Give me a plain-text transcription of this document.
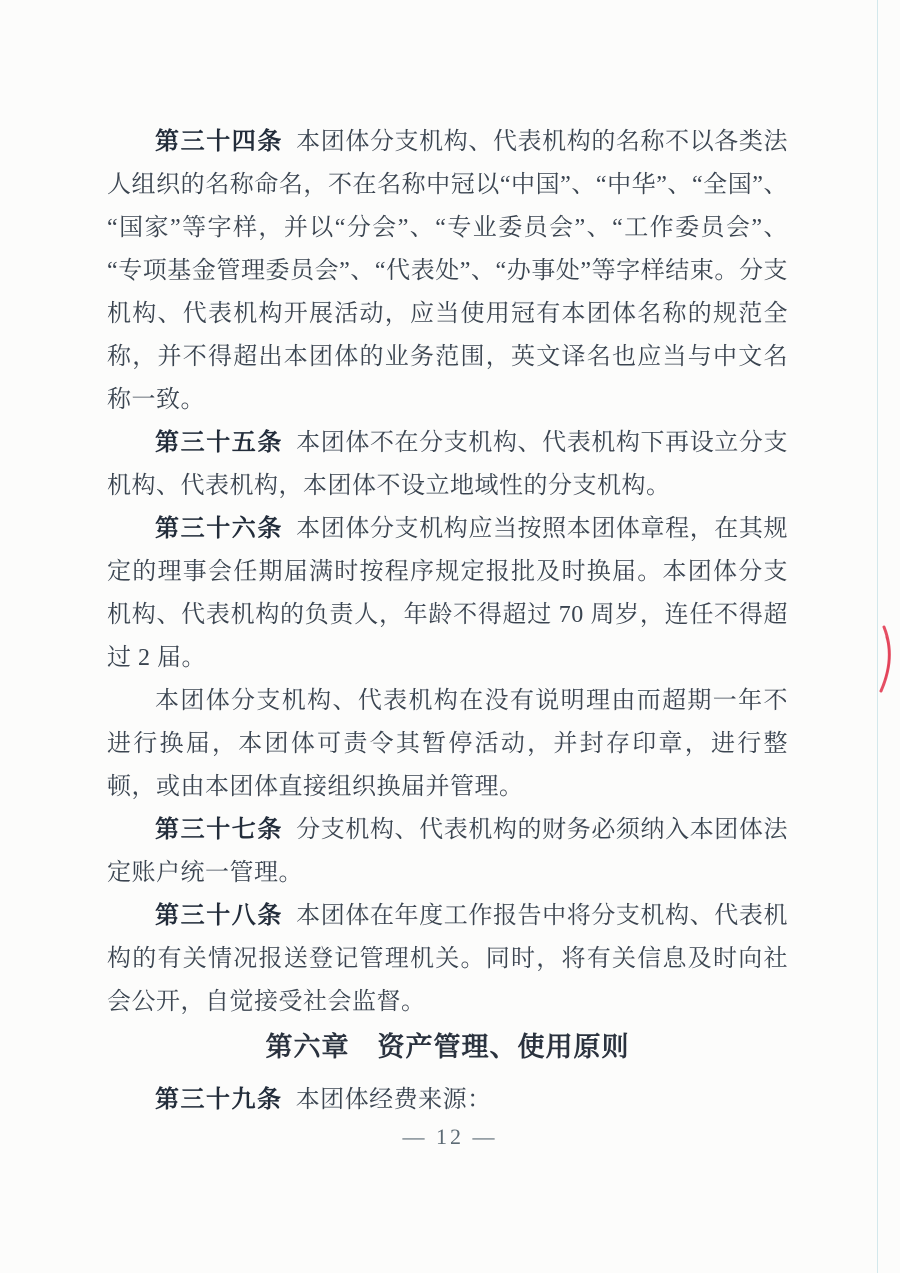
第三十四条 本团体分支机构、代表机构的名称不以各类法人组织的名称命名，不在名称中冠以“中国”、“中华”、“全国”、“国家”等字样，并以“分会”、“专业委员会”、“工作委员会”、“专项基金管理委员会”、“代表处”、“办事处”等字样结束。分支机构、代表机构开展活动，应当使用冠有本团体名称的规范全称，并不得超出本团体的业务范围，英文译名也应当与中文名称一致。

第三十五条 本团体不在分支机构、代表机构下再设立分支机构、代表机构，本团体不设立地域性的分支机构。

第三十六条 本团体分支机构应当按照本团体章程，在其规定的理事会任期届满时按程序规定报批及时换届。本团体分支机构、代表机构的负责人，年龄不得超过 70 周岁，连任不得超过 2 届。

本团体分支机构、代表机构在没有说明理由而超期一年不进行换届，本团体可责令其暂停活动，并封存印章，进行整顿，或由本团体直接组织换届并管理。

第三十七条 分支机构、代表机构的财务必须纳入本团体法定账户统一管理。

第三十八条 本团体在年度工作报告中将分支机构、代表机构的有关情况报送登记管理机关。同时，将有关信息及时向社会公开，自觉接受社会监督。

第六章　资产管理、使用原则

第三十九条 本团体经费来源：

— 12 —
